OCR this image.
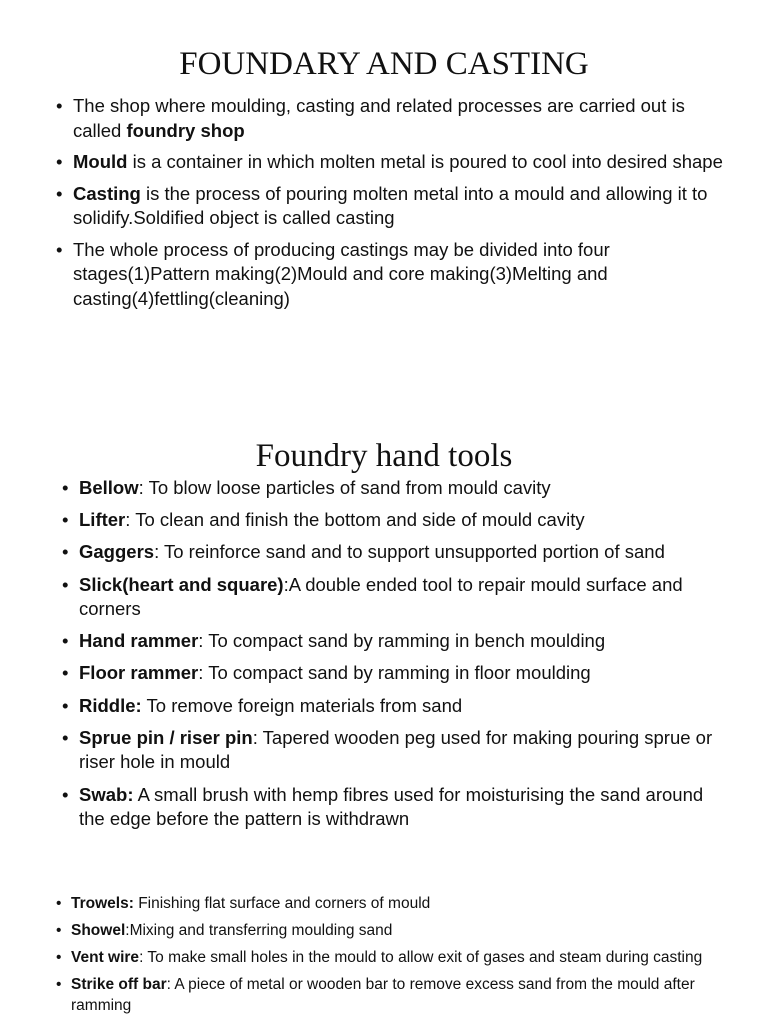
FOUNDARY AND CASTING
• The shop where moulding, casting and related processes are carried out is called foundry shop
• Mould is a container in which molten metal is poured to cool into desired shape
• Casting is the process of pouring molten metal into a mould and allowing it to solidify.Soldified object is called casting
• The whole process of producing castings may be divided into four stages(1)Pattern making(2)Mould and core making(3)Melting and casting(4)fettling(cleaning)
Foundry hand tools
• Bellow: To blow loose particles of sand from mould cavity
• Lifter: To clean and finish the bottom and side of mould cavity
• Gaggers: To reinforce sand and to support unsupported portion of sand
• Slick(heart and square):A double ended tool to repair mould surface and corners
• Hand rammer: To compact sand by ramming in bench moulding
• Floor rammer: To compact sand by ramming in floor moulding
• Riddle: To remove foreign materials from sand
• Sprue pin / riser pin: Tapered wooden peg used for making pouring sprue or riser hole in mould
• Swab: A small brush with hemp fibres used for moisturising the sand around the edge before the pattern is withdrawn
• Trowels: Finishing flat surface and corners of mould
• Showel:Mixing and transferring moulding sand
• Vent wire: To make small holes in the mould to allow exit of gases and steam during casting
• Strike off bar: A piece of metal or wooden bar to remove excess sand from the mould after ramming
